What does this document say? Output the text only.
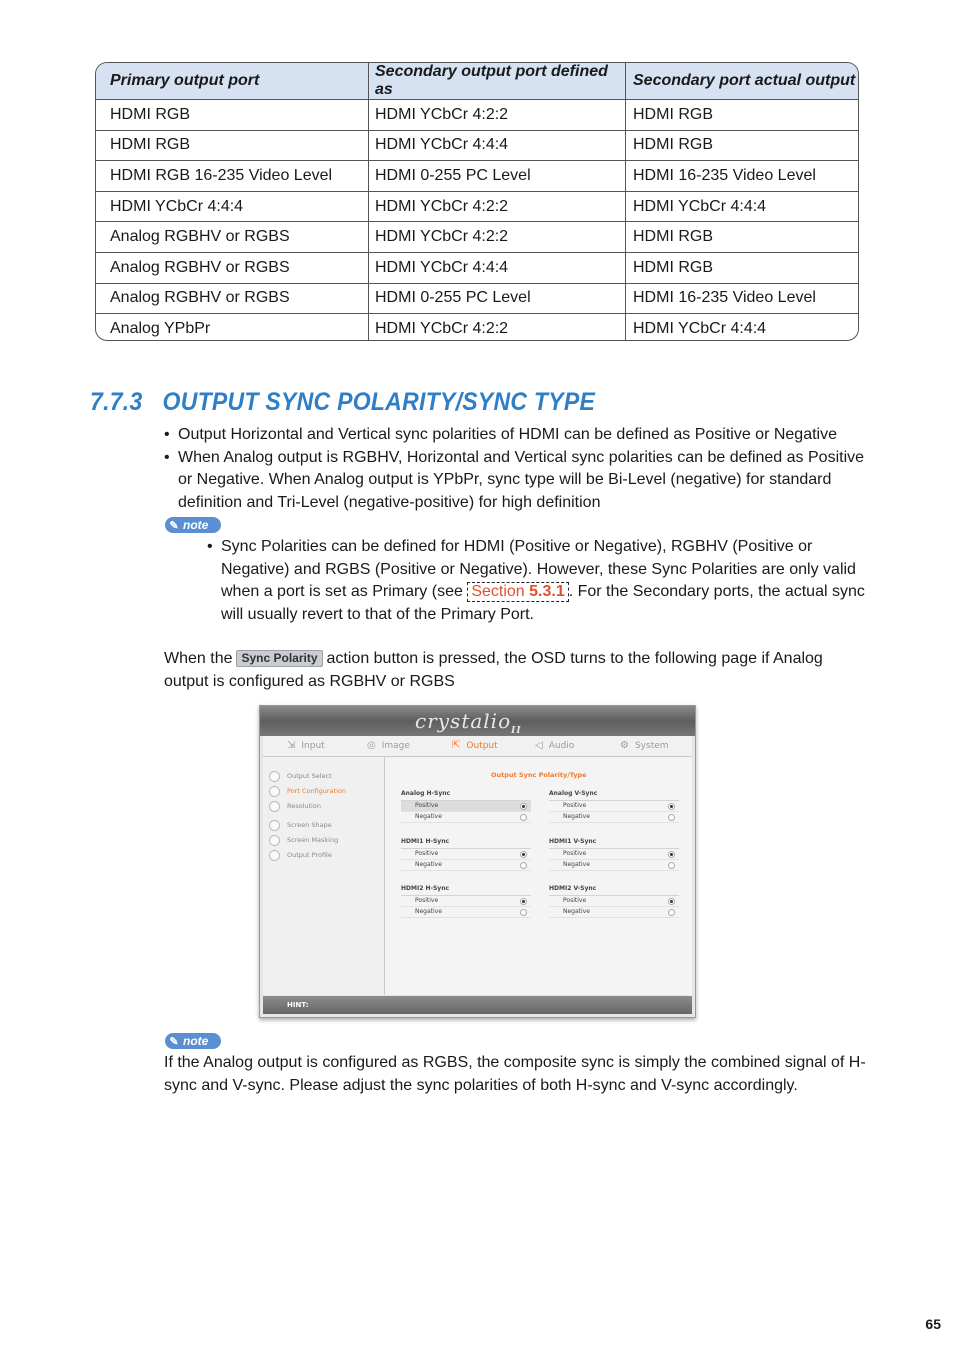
Primary output port	Secondary output port defined as	Secondary port actual output
HDMI RGB	HDMI YCbCr 4:2:2	HDMI RGB
HDMI RGB	HDMI YCbCr 4:4:4	HDMI RGB
HDMI RGB 16-235 Video Level	HDMI 0-255 PC Level	HDMI 16-235 Video Level
HDMI YCbCr 4:4:4	HDMI YCbCr 4:2:2	HDMI YCbCr 4:4:4
Analog RGBHV or RGBS	HDMI YCbCr 4:2:2	HDMI RGB
Analog RGBHV or RGBS	HDMI YCbCr 4:4:4	HDMI RGB
Analog RGBHV or RGBS	HDMI 0-255 PC Level	HDMI 16-235 Video Level
Analog YPbPr	HDMI YCbCr 4:2:2	HDMI YCbCr 4:4:4
7.7.3   OUTPUT SYNC POLARITY/SYNC TYPE
• Output Horizontal and Vertical sync polarities of HDMI can be defined as Positive or Negative
• When Analog output is RGBHV, Horizontal and Vertical sync polarities can be defined as Positive or Negative. When Analog output is YPbPr, sync type will be Bi-Level (negative) for standard definition and Tri-Level (negative-positive) for high definition
✎ note
• Sync Polarities can be defined for HDMI (Positive or Negative), RGBHV (Positive or Negative) and RGBS (Positive or Negative). However, these Sync Polarities are only valid when a port is set as Primary (see Section 5.3.1 . For the Secondary ports, the actual sync will usually revert to that of the Primary Port.
When the Sync Polarity action button is pressed, the OSD turns to the following page if Analog output is configured as RGBHV or RGBS
crystalio$_{II}$
⇲ Input	◎ Image	⇱ Output	◁ Audio	⚙ System
Output Select
Port Configuration
Resolution
Screen Shape
Screen Masking
Output Profile
Output Sync Polarity/Type
Analog H-Sync
Positive
Negative
Analog V-Sync
Positive
Negative
HDMI1 H-Sync
Positive
Negative
HDMI1 V-Sync
Positive
Negative
HDMI2 H-Sync
Positive
Negative
HDMI2 V-Sync
Positive
Negative
HINT:
✎ note
If the Analog output is configured as RGBS, the composite sync is simply the combined signal of H-sync and V-sync. Please adjust the sync polarities of both H-sync and V-sync accordingly.
65
